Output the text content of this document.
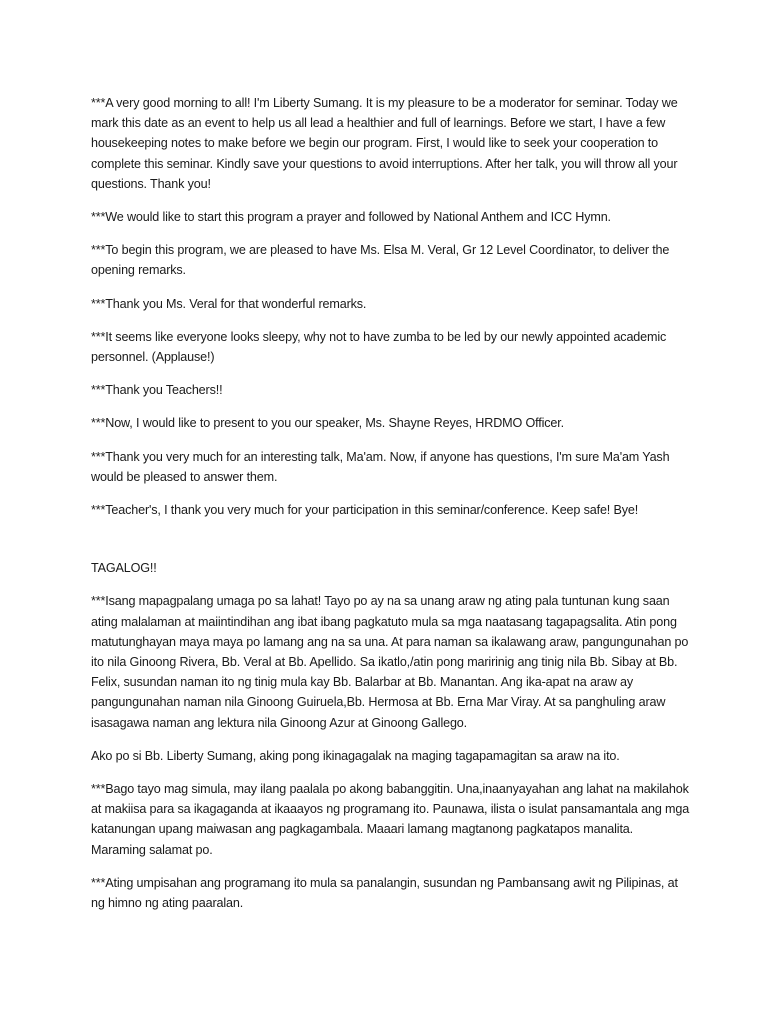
***A very good morning to all! I'm Liberty Sumang. It is my pleasure to be a moderator for seminar. Today we mark this date as an event to help us all lead a healthier and full of learnings. Before we start, I have a few housekeeping notes to make before we begin our program. First, I would like to seek your cooperation to complete this seminar. Kindly save your questions to avoid interruptions. After her talk, you will throw all your questions. Thank you!

***We would like to start this program a prayer and followed by National Anthem and ICC Hymn.

***To begin this program, we are pleased to have Ms. Elsa M. Veral, Gr 12 Level Coordinator, to deliver the opening remarks.

***Thank you Ms. Veral for that wonderful remarks.

***It seems like everyone looks sleepy, why not to have zumba to be led by our newly appointed academic personnel. (Applause!)

***Thank you Teachers!!

***Now, I would like to present to you our speaker, Ms. Shayne Reyes, HRDMO Officer.

***Thank you very much for an interesting talk, Ma'am. Now, if anyone has questions, I'm sure Ma'am Yash would be pleased to answer them.

***Teacher's, I thank you very much for your participation in this seminar/conference. Keep safe! Bye!

TAGALOG!!

***Isang mapagpalang umaga po sa lahat! Tayo po ay na sa unang araw ng ating pala tuntunan kung saan ating malalaman at maiintindihan ang ibat ibang pagkatuto mula sa mga naatasang tagapagsalita. Atin pong matutunghayan maya maya po lamang ang na sa una. At para naman sa ikalawang araw, pangungunahan po ito nila Ginoong Rivera, Bb. Veral at Bb. Apellido. Sa ikatlo,/atin pong maririnig ang tinig nila Bb. Sibay at Bb. Felix, susundan naman ito ng tinig mula kay Bb. Balarbar at Bb. Manantan. Ang ika-apat na araw ay pangungunahan naman nila Ginoong Guiruela,Bb. Hermosa at Bb. Erna Mar Viray. At sa panghuling araw isasagawa naman ang lektura nila Ginoong Azur at Ginoong Gallego.

Ako po si Bb. Liberty Sumang, aking pong ikinagagalak na maging tagapamagitan sa araw na ito.

***Bago tayo mag simula, may ilang paalala po akong babanggitin. Una,inaanyayahan ang lahat na makilahok at makiisa para sa ikagaganda at ikaaayos ng programang ito. Paunawa, ilista o isulat pansamantala ang mga katanungan upang maiwasan ang pagkagambala. Maaari lamang magtanong pagkatapos manalita. Maraming salamat po.

***Ating umpisahan ang programang ito mula sa panalangin, susundan ng Pambansang awit ng Pilipinas, at ng himno ng ating paaralan.
